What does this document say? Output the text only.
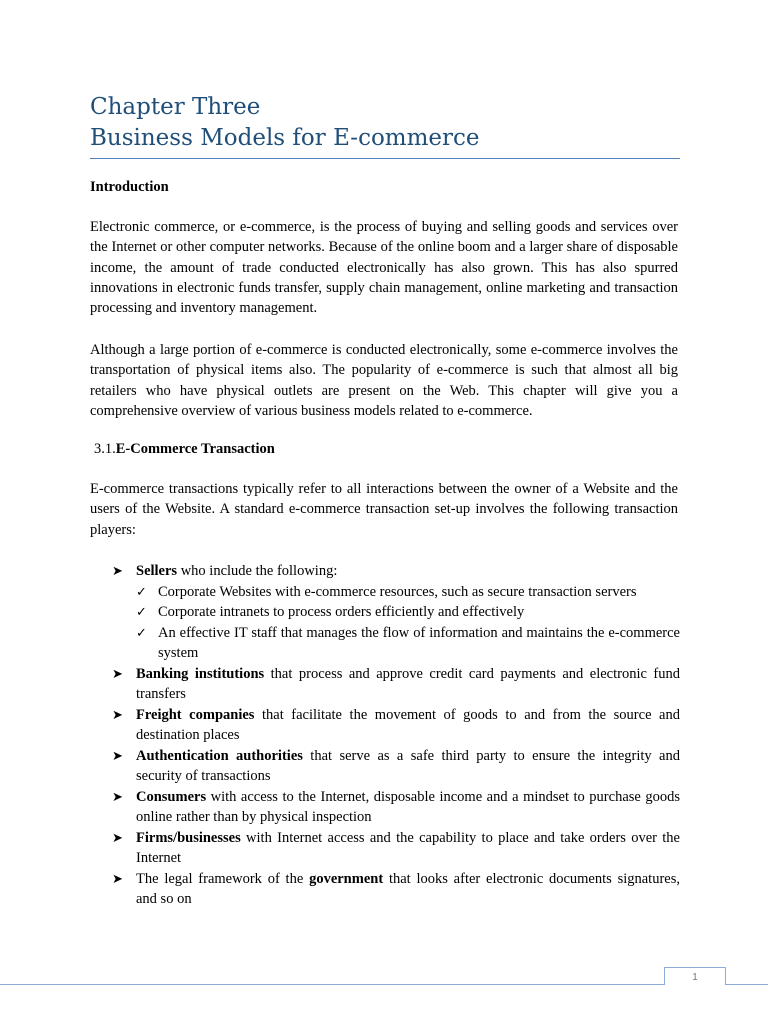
Chapter Three
Business Models for E-commerce

Introduction

Electronic commerce, or e-commerce, is the process of buying and selling goods and services over the Internet or other computer networks. Because of the online boom and a larger share of disposable income, the amount of trade conducted electronically has also grown. This has also spurred innovations in electronic funds transfer, supply chain management, online marketing and transaction processing and inventory management.

Although a large portion of e-commerce is conducted electronically, some e-commerce involves the transportation of physical items also. The popularity of e-commerce is such that almost all big retailers who have physical outlets are present on the Web. This chapter will give you a comprehensive overview of various business models related to e-commerce.

3.1.E-Commerce Transaction

E-commerce transactions typically refer to all interactions between the owner of a Website and the users of the Website. A standard e-commerce transaction set-up involves the following transaction players:

➤ Sellers who include the following:
✓ Corporate Websites with e-commerce resources, such as secure transaction servers
✓ Corporate intranets to process orders efficiently and effectively
✓ An effective IT staff that manages the flow of information and maintains the e-commerce system
➤ Banking institutions that process and approve credit card payments and electronic fund transfers
➤ Freight companies that facilitate the movement of goods to and from the source and destination places
➤ Authentication authorities that serve as a safe third party to ensure the integrity and security of transactions
➤ Consumers with access to the Internet, disposable income and a mindset to purchase goods online rather than by physical inspection
➤ Firms/businesses with Internet access and the capability to place and take orders over the Internet
➤ The legal framework of the government that looks after electronic documents signatures, and so on
1
